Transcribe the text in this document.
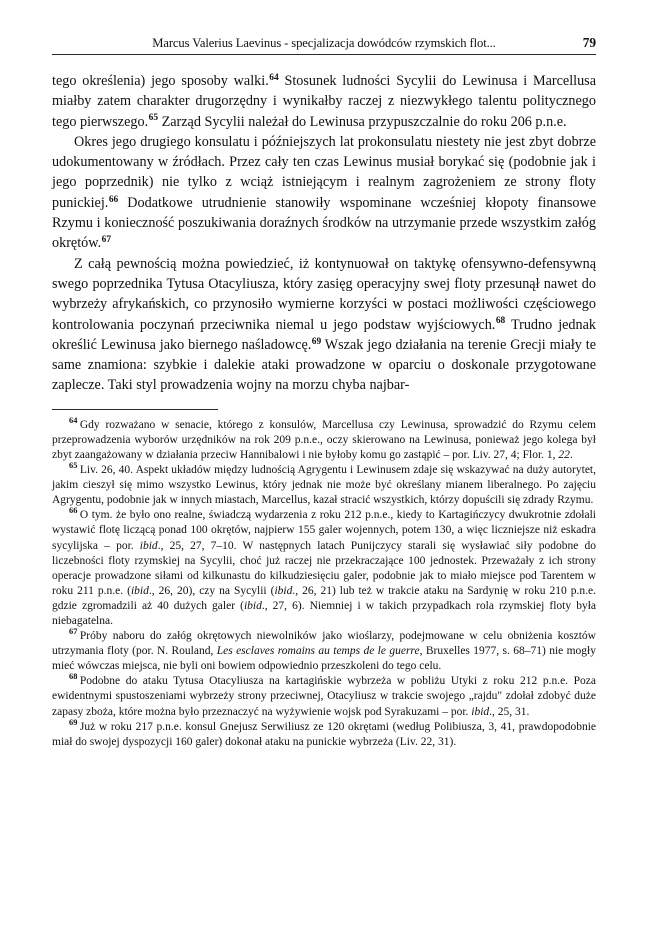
Marcus Valerius Laevinus - specjalizacja dowódców rzymskich flot...	79

tego określenia) jego sposoby walki.$^{64}$ Stosunek ludności Sycylii do Lewinusa i Marcellusa miałby zatem charakter drugorzędny i wynikałby raczej z niezwykłego talentu politycznego tego pierwszego.$^{65}$ Zarząd Sycylii należał do Lewinusa przypuszczalnie do roku 206 p.n.e.

Okres jego drugiego konsulatu i późniejszych lat prokonsulatu niestety nie jest zbyt dobrze udokumentowany w źródłach. Przez cały ten czas Lewinus musiał borykać się (podobnie jak i jego poprzednik) nie tylko z wciąż istniejącym i realnym zagrożeniem ze strony floty punickiej.$^{66}$ Dodatkowe utrudnienie stanowiły wspominane wcześniej kłopoty finansowe Rzymu i konieczność poszukiwania doraźnych środków na utrzymanie przede wszystkim załóg okrętów.$^{67}$

Z całą pewnością można powiedzieć, iż kontynuował on taktykę ofensywno-defensywną swego poprzednika Tytusa Otacyliusza, który zasięg operacyjny swej floty przesunął nawet do wybrzeży afrykańskich, co przynosiło wymierne korzyści w postaci możliwości częściowego kontrolowania poczynań przeciwnika niemal u jego podstaw wyjściowych.$^{68}$ Trudno jednak określić Lewinusa jako biernego naśladowcę.$^{69}$ Wszak jego działania na terenie Grecji miały te same znamiona: szybkie i dalekie ataki prowadzone w oparciu o doskonale przygotowane zaplecze. Taki styl prowadzenia wojny na morzu chyba najbar-

$^{64}$ Gdy rozważano w senacie, którego z konsulów, Marcellusa czy Lewinusa, sprowadzić do Rzymu celem przeprowadzenia wyborów urzędników na rok 209 p.n.e., oczy skierowano na Lewinusa, ponieważ jego kolega był zbyt zaangażowany w działania przeciw Hannibalowi i nie byłoby komu go zastąpić – por. Liv. 27, 4; Flor. 1, 22.

$^{65}$ Liv. 26, 40. Aspekt układów między ludnością Agrygentu i Lewinusem zdaje się wskazywać na duży autorytet, jakim cieszył się mimo wszystko Lewinus, który jednak nie może być określany mianem liberalnego. Po zajęciu Agrygentu, podobnie jak w innych miastach, Marcellus, kazał stracić wszystkich, którzy dopuścili się zdrady Rzymu.

$^{66}$ O tym. że było ono realne, świadczą wydarzenia z roku 212 p.n.e., kiedy to Kartagińczycy dwukrotnie zdołali wystawić flotę liczącą ponad 100 okrętów, najpierw 155 galer wojennych, potem 130, a więc liczniejsze niż eskadra sycylijska – por. ibid., 25, 27, 7–10. W następnych latach Punijczycy starali się wysławiać siły podobne do liczebności floty rzymskiej na Sycylii, choć już raczej nie przekraczające 100 jednostek. Przeważały z ich strony operacje prowadzone siłami od kilkunastu do kilkudziesięciu galer, podobnie jak to miało miejsce pod Tarentem w roku 211 p.n.e. (ibid., 26, 20), czy na Sycylii (ibid., 26, 21) lub też w trakcie ataku na Sardynię w roku 210 p.n.e. gdzie zgromadzili aż 40 dużych galer (ibid., 27, 6). Niemniej i w takich przypadkach rola rzymskiej floty była niebagatelna.

$^{67}$ Próby naboru do załóg okrętowych niewolników jako wioślarzy, podejmowane w celu obniżenia kosztów utrzymania floty (por. N. Rouland, Les esclaves romains au temps de le guerre, Bruxelles 1977, s. 68–71) nie mogły mieć wówczas miejsca, nie byli oni bowiem odpowiednio przeszkoleni do tego celu.

$^{68}$ Podobne do ataku Tytusa Otacyliusza na kartagińskie wybrzeża w pobliżu Utyki z roku 212 p.n.e. Poza ewidentnymi spustoszeniami wybrzeży strony przeciwnej, Otacyliusz w trakcie swojego „rajdu" zdołał zdobyć duże zapasy zboża, które można było przeznaczyć na wyżywienie wojsk pod Syrakuzami – por. ibid., 25, 31.

$^{69}$ Już w roku 217 p.n.e. konsul Gnejusz Serwiliusz ze 120 okrętami (według Polibiusza, 3, 41, prawdopodobnie miał do swojej dyspozycji 160 galer) dokonał ataku na punickie wybrzeża (Liv. 22, 31).
